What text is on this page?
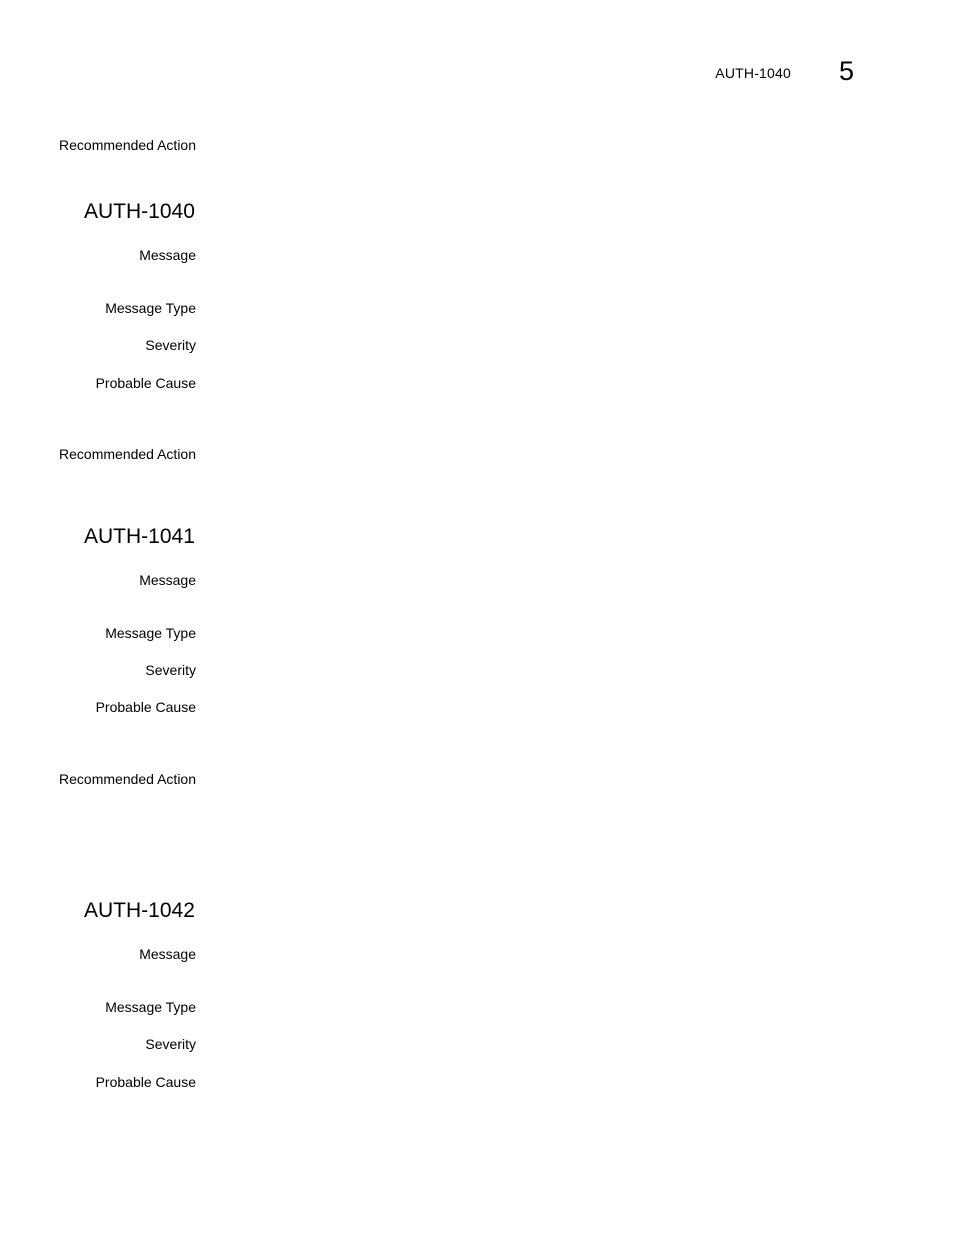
AUTH-1040 5
Recommended Action
AUTH-1040
Message
Message Type
Severity
Probable Cause
Recommended Action
AUTH-1041
Message
Message Type
Severity
Probable Cause
Recommended Action
AUTH-1042
Message
Message Type
Severity
Probable Cause
